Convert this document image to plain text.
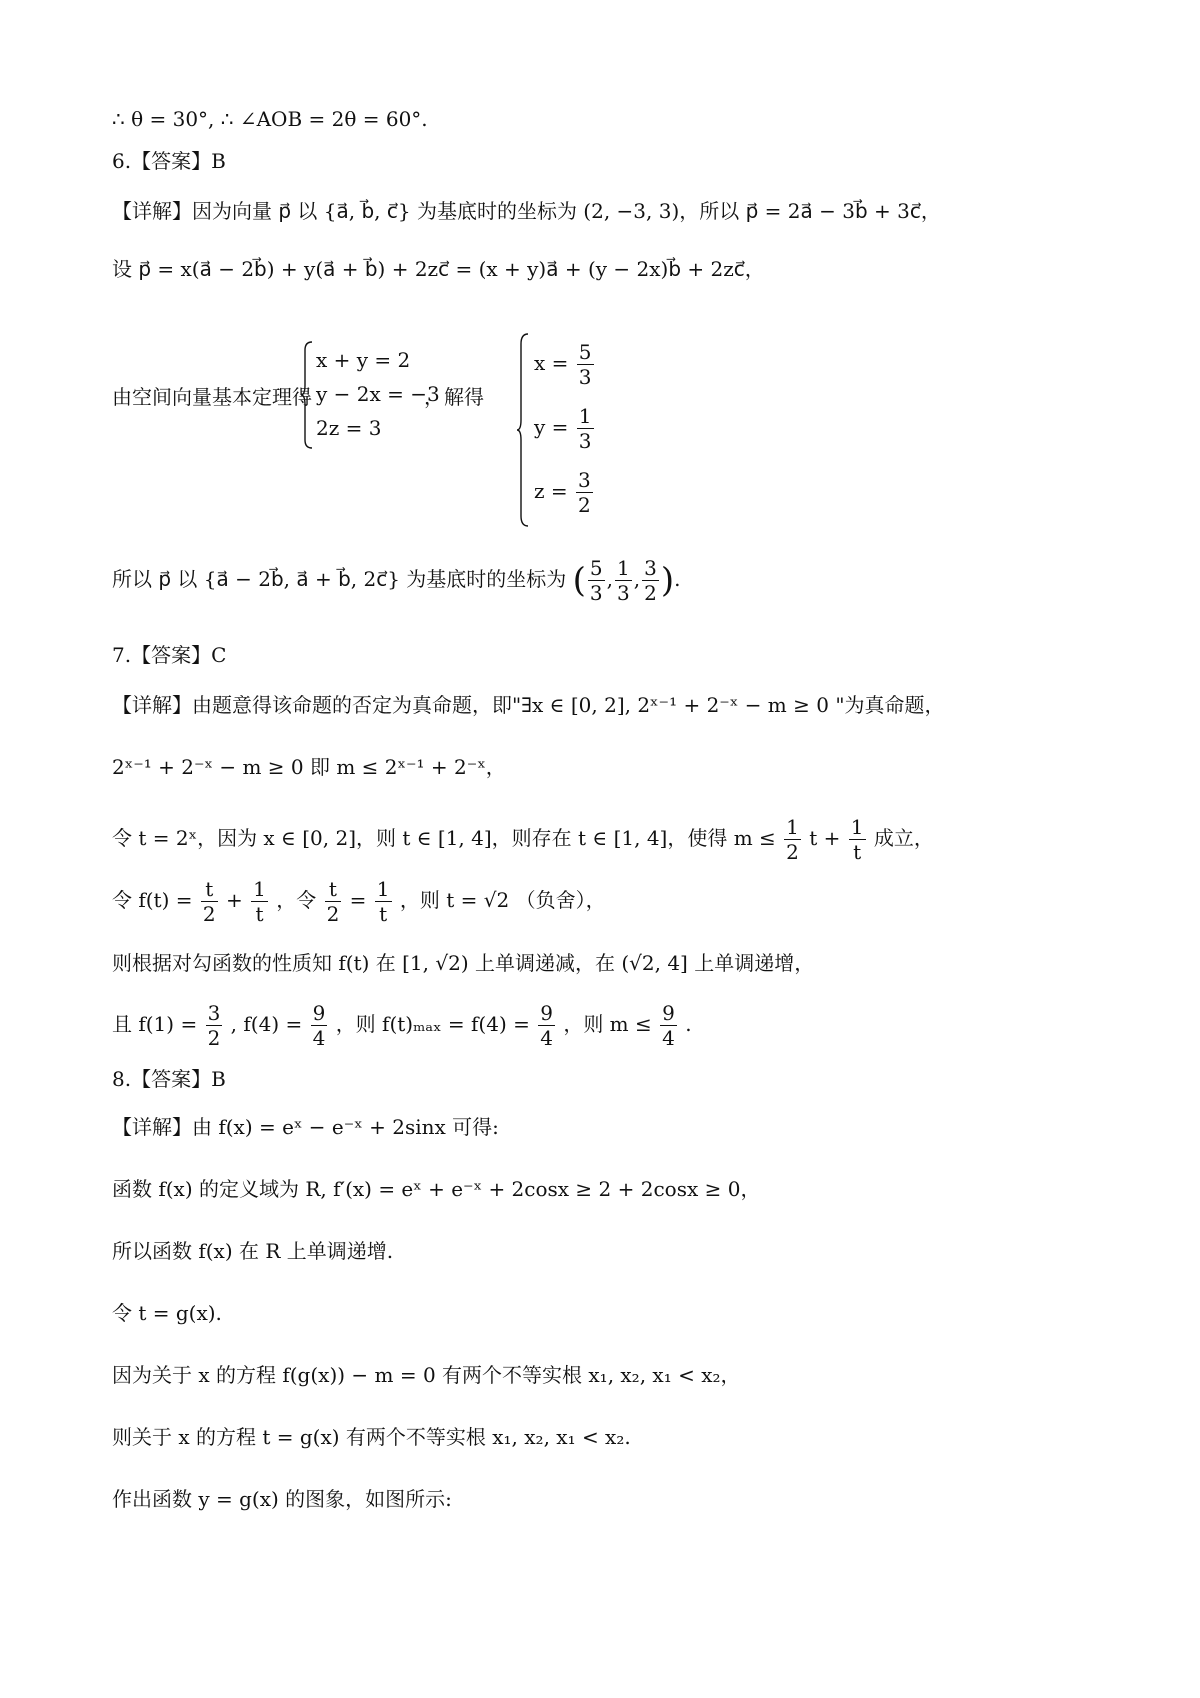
∴ θ = 30°, ∴ ∠AOB = 2θ = 60°.
6.【答案】B
【详解】因为向量 p⃗ 以 {a⃗, b⃗, c⃗} 为基底时的坐标为 (2, −3, 3)，所以 p⃗ = 2a⃗ − 3b⃗ + 3c⃗，
设 p⃗ = x(a⃗ − 2b⃗) + y(a⃗ + b⃗) + 2zc⃗ = (x + y)a⃗ + (y − 2x)b⃗ + 2zc⃗，
由空间向量基本定理得
x + y = 2
y − 2x = −3
2z = 3
，解得
$x = \frac{5}{3}$
$y = \frac{1}{3}$
$z = \frac{3}{2}$
所以 p⃗ 以 {a⃗ − 2b⃗, a⃗ + b⃗, 2c⃗} 为基底时的坐标为 ( $\frac{5}{3}$ , $\frac{1}{3}$ , $\frac{3}{2}$ ).
7.【答案】C
【详解】由题意得该命题的否定为真命题，即"∃x ∈ [0, 2], 2ˣ⁻¹ + 2⁻ˣ − m ≥ 0 "为真命题，
2ˣ⁻¹ + 2⁻ˣ − m ≥ 0 即 m ≤ 2ˣ⁻¹ + 2⁻ˣ，
令 t = 2ˣ，因为 x ∈ [0, 2]，则 t ∈ [1, 4]，则存在 t ∈ [1, 4]，使得 $m \le \frac{1}{2}$ $t + \frac{1}{t}$ 成立，
令 $f(t) = \frac{t}{2} + \frac{1}{t}$ ，令 $\frac{t}{2} = \frac{1}{t}$ ，则 t = √2 （负舍），
则根据对勾函数的性质知 f(t) 在 [1, √2) 上单调递减，在 (√2, 4] 上单调递增，
且 $f(1) = \frac{3}{2}$ , $f(4) = \frac{9}{4}$ ，则 $f(t)_{max} = f(4) = \frac{9}{4}$ ，则 $m \le \frac{9}{4}$ .
8.【答案】B
【详解】由 f(x) = eˣ − e⁻ˣ + 2sinx 可得:
函数 f(x) 的定义域为 R, f′(x) = eˣ + e⁻ˣ + 2cosx ≥ 2 + 2cosx ≥ 0，
所以函数 f(x) 在 R 上单调递增.
令 t = g(x).
因为关于 x 的方程 f(g(x)) − m = 0 有两个不等实根 x₁, x₂, x₁ < x₂，
则关于 x 的方程 t = g(x) 有两个不等实根 x₁, x₂, x₁ < x₂.
作出函数 y = g(x) 的图象，如图所示:
